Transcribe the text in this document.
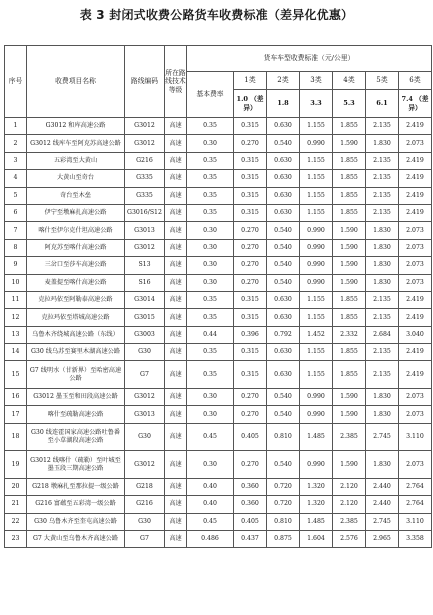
表 3 封闭式收费公路货车收费标准（差异化优惠）
序号	收费项目名称	路线编码	所在路线技术等级	货车车型收费标准（元/公里）						
				基本费率	1类	2类	3类	4类	5类	6类
					1.0 （差异）	1.8	3.3	5.3	6.1	7.4 （差异）
1	G3012 和库高速公路	G3012	高速	0.35	0.315	0.630	1.155	1.855	2.135	2.419
2	G3012 线库车至阿克苏高速公路	G3012	高速	0.30	0.270	0.540	0.990	1.590	1.830	2.073
3	五彩湾至大黄山	G216	高速	0.35	0.315	0.630	1.155	1.855	2.135	2.419
4	大黄山至奇台	G335	高速	0.35	0.315	0.630	1.155	1.855	2.135	2.419
5	奇台至木垒	G335	高速	0.35	0.315	0.630	1.155	1.855	2.135	2.419
6	伊宁至墩麻扎高速公路	G3016/S12	高速	0.35	0.315	0.630	1.155	1.855	2.135	2.419
7	喀什至伊尔克什坦高速公路	G3013	高速	0.30	0.270	0.540	0.990	1.590	1.830	2.073
8	阿克苏至喀什高速公路	G3012	高速	0.30	0.270	0.540	0.990	1.590	1.830	2.073
9	三岔口至莎车高速公路	S13	高速	0.30	0.270	0.540	0.990	1.590	1.830	2.073
10	麦盖提至喀什高速公路	S16	高速	0.30	0.270	0.540	0.990	1.590	1.830	2.073
11	克拉玛依至阿勒泰高速公路	G3014	高速	0.35	0.315	0.630	1.155	1.855	2.135	2.419
12	克拉玛依至塔城高速公路	G3015	高速	0.35	0.315	0.630	1.155	1.855	2.135	2.419
13	乌鲁木齐绕城高速公路（东线）	G3003	高速	0.44	0.396	0.792	1.452	2.332	2.684	3.040
14	G30 线乌苏至赛里木湖高速公路	G30	高速	0.35	0.315	0.630	1.155	1.855	2.135	2.419
15	G7 线明水（甘新界）至哈密高速公路	G7	高速	0.35	0.315	0.630	1.155	1.855	2.135	2.419
16	G3012 墨玉至和田段高速公路	G3012	高速	0.30	0.270	0.540	0.990	1.590	1.830	2.073
17	喀什至疏勒高速公路	G3013	高速	0.30	0.270	0.540	0.990	1.590	1.830	2.073
18	G30 线连霍国家高速公路吐鲁番至小草湖段高速公路	G30	高速	0.45	0.405	0.810	1.485	2.385	2.745	3.110
19	G3012 线喀什（疏勒）至叶城至墨玉段三期高速公路	G3012	高速	0.30	0.270	0.540	0.990	1.590	1.830	2.073
20	G218 墩麻扎至那拉提一级公路	G218	高速	0.40	0.360	0.720	1.320	2.120	2.440	2.764
21	G216 富蕴至五彩湾一级公路	G216	高速	0.40	0.360	0.720	1.320	2.120	2.440	2.764
22	G30 乌鲁木齐至奎屯高速公路	G30	高速	0.45	0.405	0.810	1.485	2.385	2.745	3.110
23	G7 大黄山至乌鲁木齐高速公路	G7	高速	0.486	0.437	0.875	1.604	2.576	2.965	3.358
